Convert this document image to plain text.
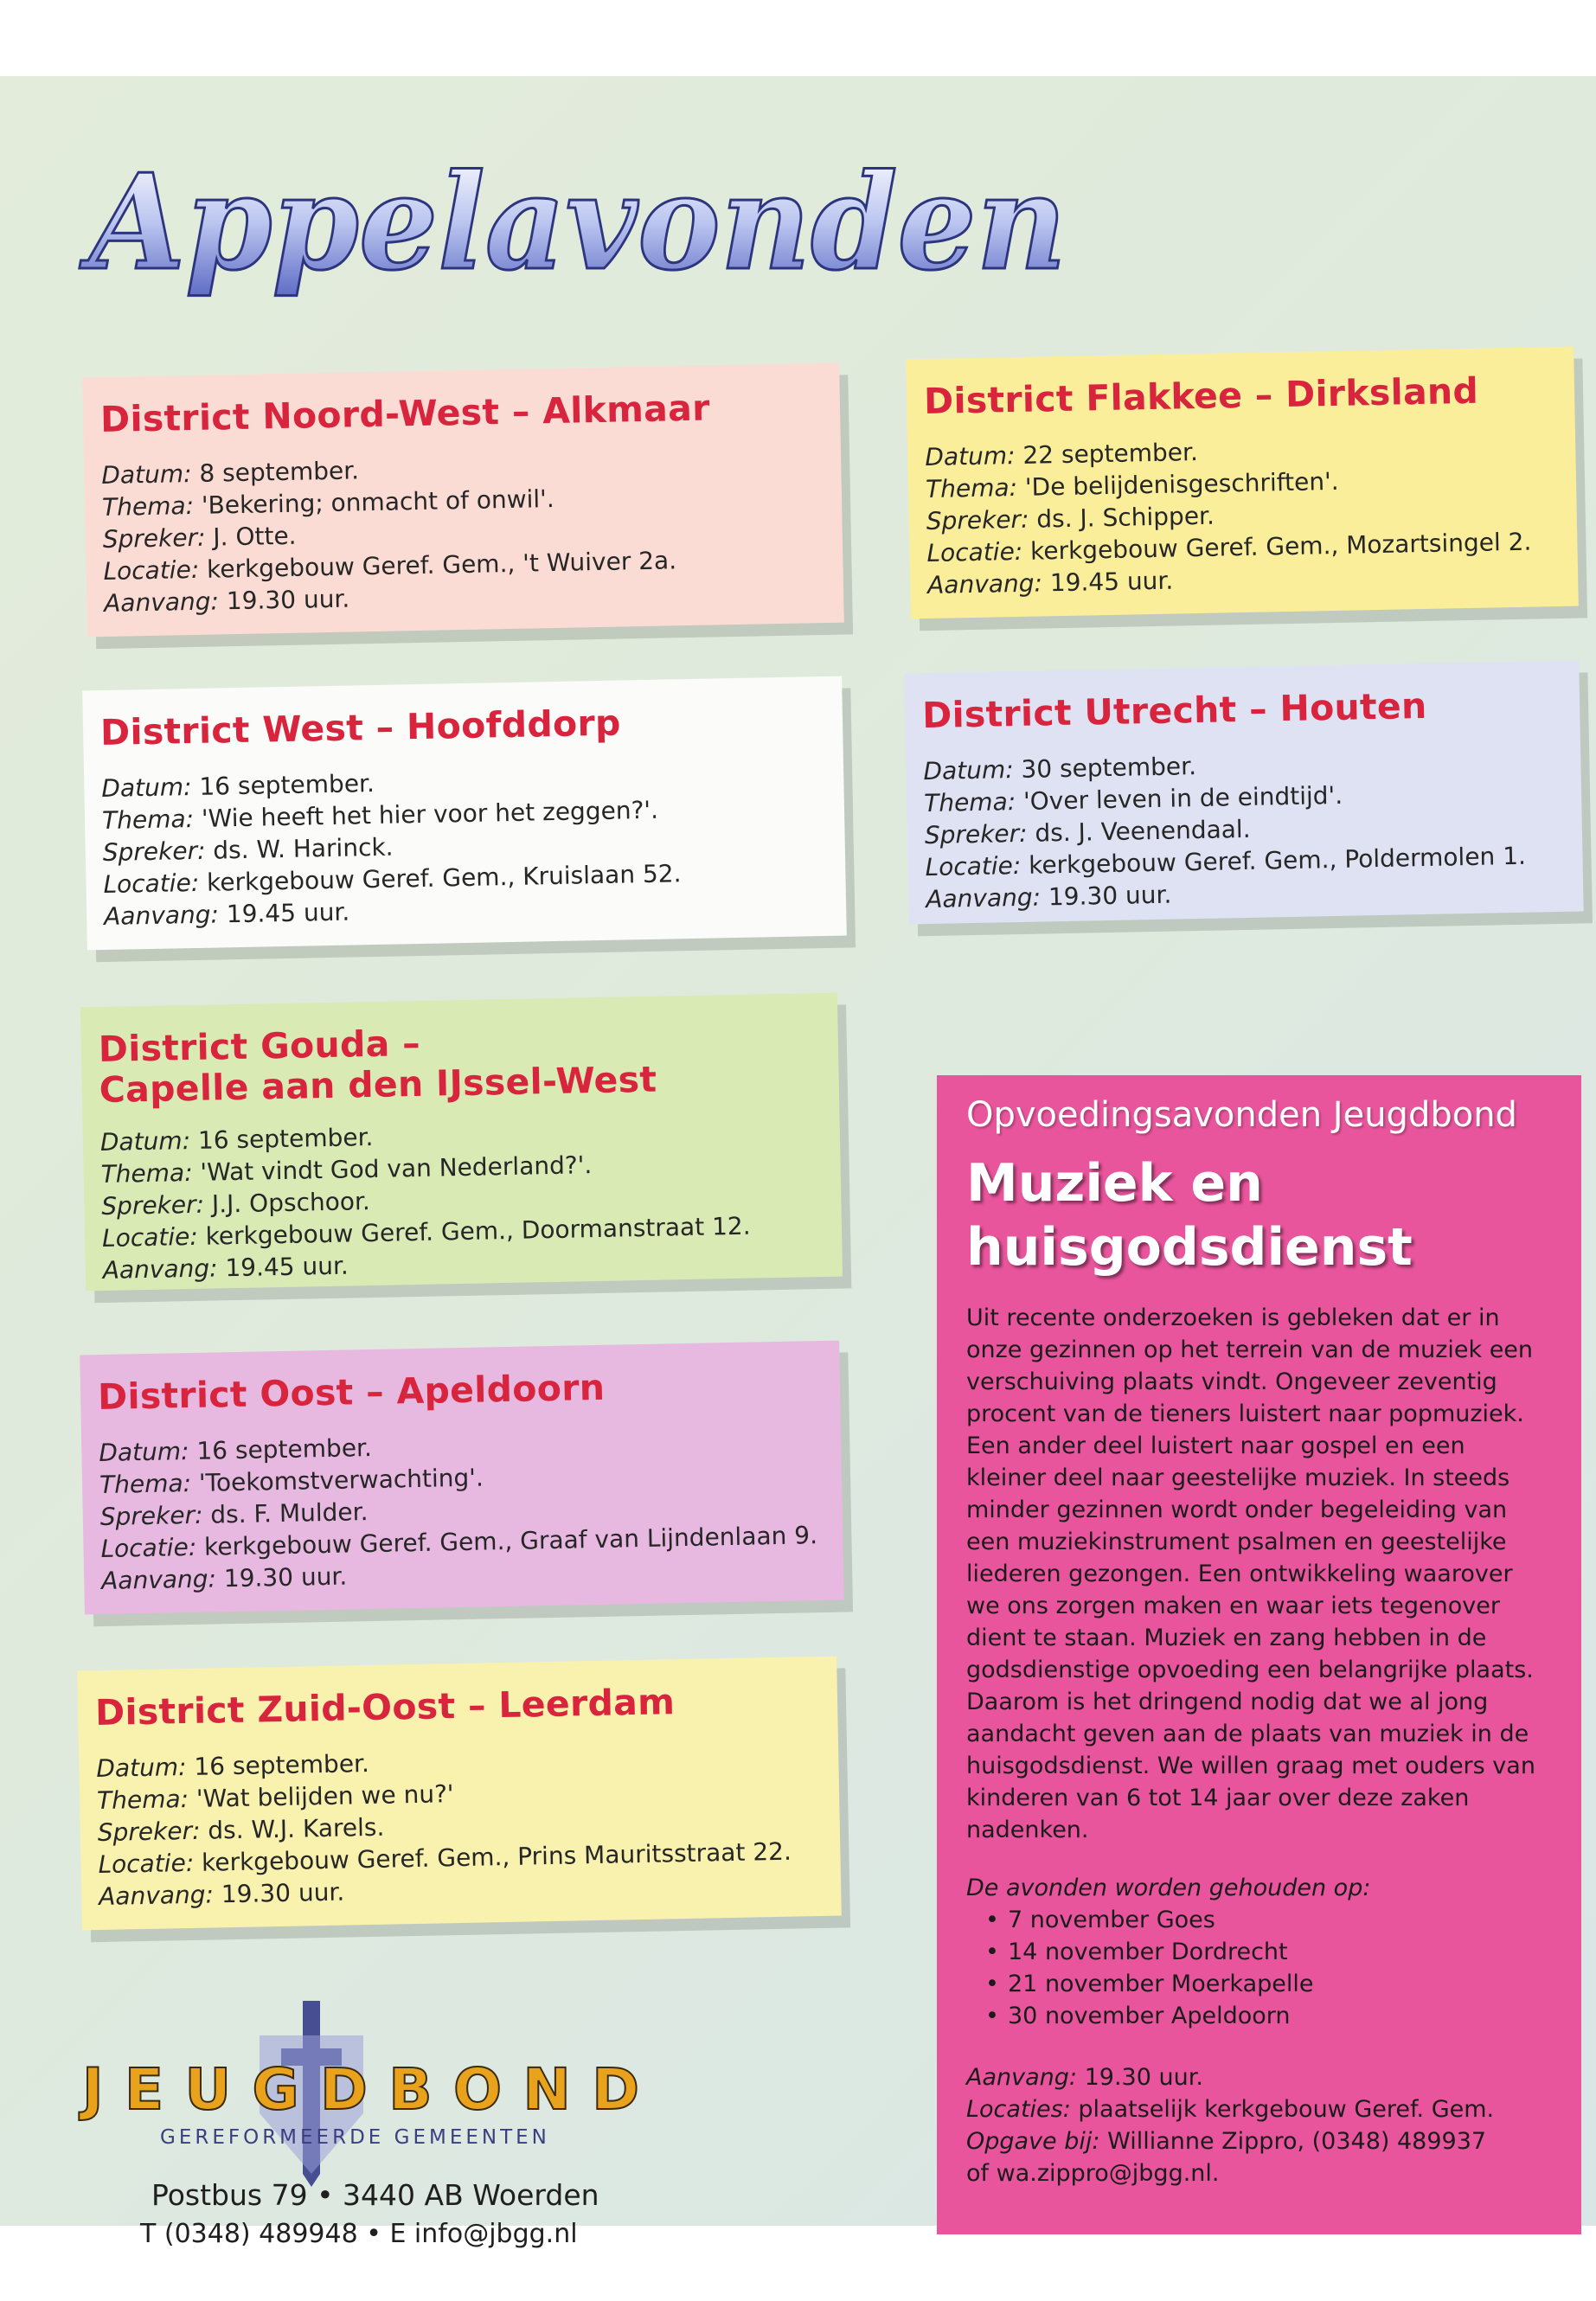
Appelavonden
District Noord-West – Alkmaar
Datum: 8 september.
Thema: 'Bekering; onmacht of onwil'.
Spreker: J. Otte.
Locatie: kerkgebouw Geref. Gem., 't Wuiver 2a.
Aanvang: 19.30 uur.
District West – Hoofddorp
Datum: 16 september.
Thema: 'Wie heeft het hier voor het zeggen?'.
Spreker: ds. W. Harinck.
Locatie: kerkgebouw Geref. Gem., Kruislaan 52.
Aanvang: 19.45 uur.
District Gouda –
Capelle aan den IJssel-West
Datum: 16 september.
Thema: 'Wat vindt God van Nederland?'.
Spreker: J.J. Opschoor.
Locatie: kerkgebouw Geref. Gem., Doormanstraat 12.
Aanvang: 19.45 uur.
District Oost – Apeldoorn
Datum: 16 september.
Thema: 'Toekomstverwachting'.
Spreker: ds. F. Mulder.
Locatie: kerkgebouw Geref. Gem., Graaf van Lijndenlaan 9.
Aanvang: 19.30 uur.
District Zuid-Oost – Leerdam
Datum: 16 september.
Thema: 'Wat belijden we nu?'
Spreker: ds. W.J. Karels.
Locatie: kerkgebouw Geref. Gem., Prins Mauritsstraat 22.
Aanvang: 19.30 uur.
District Flakkee – Dirksland
Datum: 22 september.
Thema: 'De belijdenisgeschriften'.
Spreker: ds. J. Schipper.
Locatie: kerkgebouw Geref. Gem., Mozartsingel 2.
Aanvang: 19.45 uur.
District Utrecht – Houten
Datum: 30 september.
Thema: 'Over leven in de eindtijd'.
Spreker: ds. J. Veenendaal.
Locatie: kerkgebouw Geref. Gem., Poldermolen 1.
Aanvang: 19.30 uur.
Opvoedingsavonden Jeugdbond
Muziek en
huisgodsdienst

Uit recente onderzoeken is gebleken dat er in onze gezinnen op het terrein van de muziek een verschuiving plaats vindt. Ongeveer zeventig procent van de tieners luistert naar popmuziek. Een ander deel luistert naar gospel en een kleiner deel naar geestelijke muziek. In steeds minder gezinnen wordt onder begeleiding van een muziekinstrument psalmen en geestelijke liederen gezongen. Een ontwikkeling waarover we ons zorgen maken en waar iets tegenover dient te staan. Muziek en zang hebben in de godsdienstige opvoeding een belangrijke plaats. Daarom is het dringend nodig dat we al jong aandacht geven aan de plaats van muziek in de huisgodsdienst. We willen graag met ouders van kinderen van 6 tot 14 jaar over deze zaken nadenken.

De avonden worden gehouden op:
• 7 november Goes
• 14 november Dordrecht
• 21 november Moerkapelle
• 30 november Apeldoorn
Aanvang: 19.30 uur.
Locaties: plaatselijk kerkgebouw Geref. Gem.
Opgave bij: Willianne Zippro, (0348) 489937
of wa.zippro@jbgg.nl.
JEUGDBOND
GEREFORMEERDE GEMEENTEN
Postbus 79 • 3440 AB Woerden
T (0348) 489948 • E info@jbgg.nl
